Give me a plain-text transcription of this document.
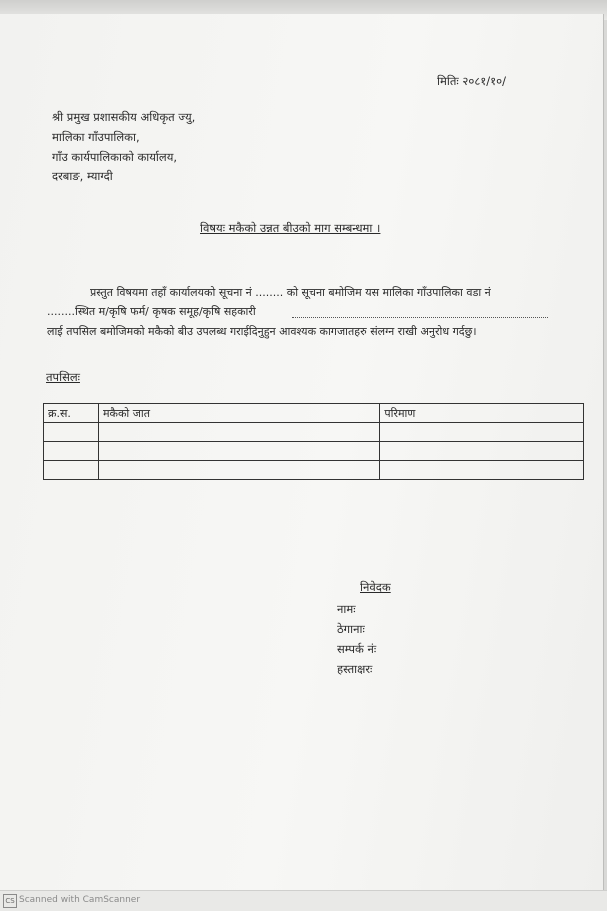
मितिः २०८१/१०/
श्री प्रमुख प्रशासकीय अधिकृत ज्यु,
मालिका गाँउपालिका,
गाँउ कार्यपालिकाको कार्यालय,
दरबाङ, म्याग्दी
विषयः मकैको उन्नत बीउको माग सम्बन्धमा ।
प्रस्तुत विषयमा तहाँ कार्यालयको सूचना नं ........ को सूचना बमोजिम यस मालिका गाँउपालिका वडा नं
........स्थित म/कृषि फर्म/ कृषक समूह/कृषि सहकारी
लाई तपसिल बमोजिमको मकैको बीउ उपलब्ध गराईदिनुहुन आवश्यक कागजातहरु संलग्न राखी अनुरोध गर्दछु।
तपसिलः
क्र.स.	मकैको जात	परिमाण

निवेदक
नामः
ठेगानाः
सम्पर्क नंः
हस्ताक्षरः
CS Scanned with CamScanner
